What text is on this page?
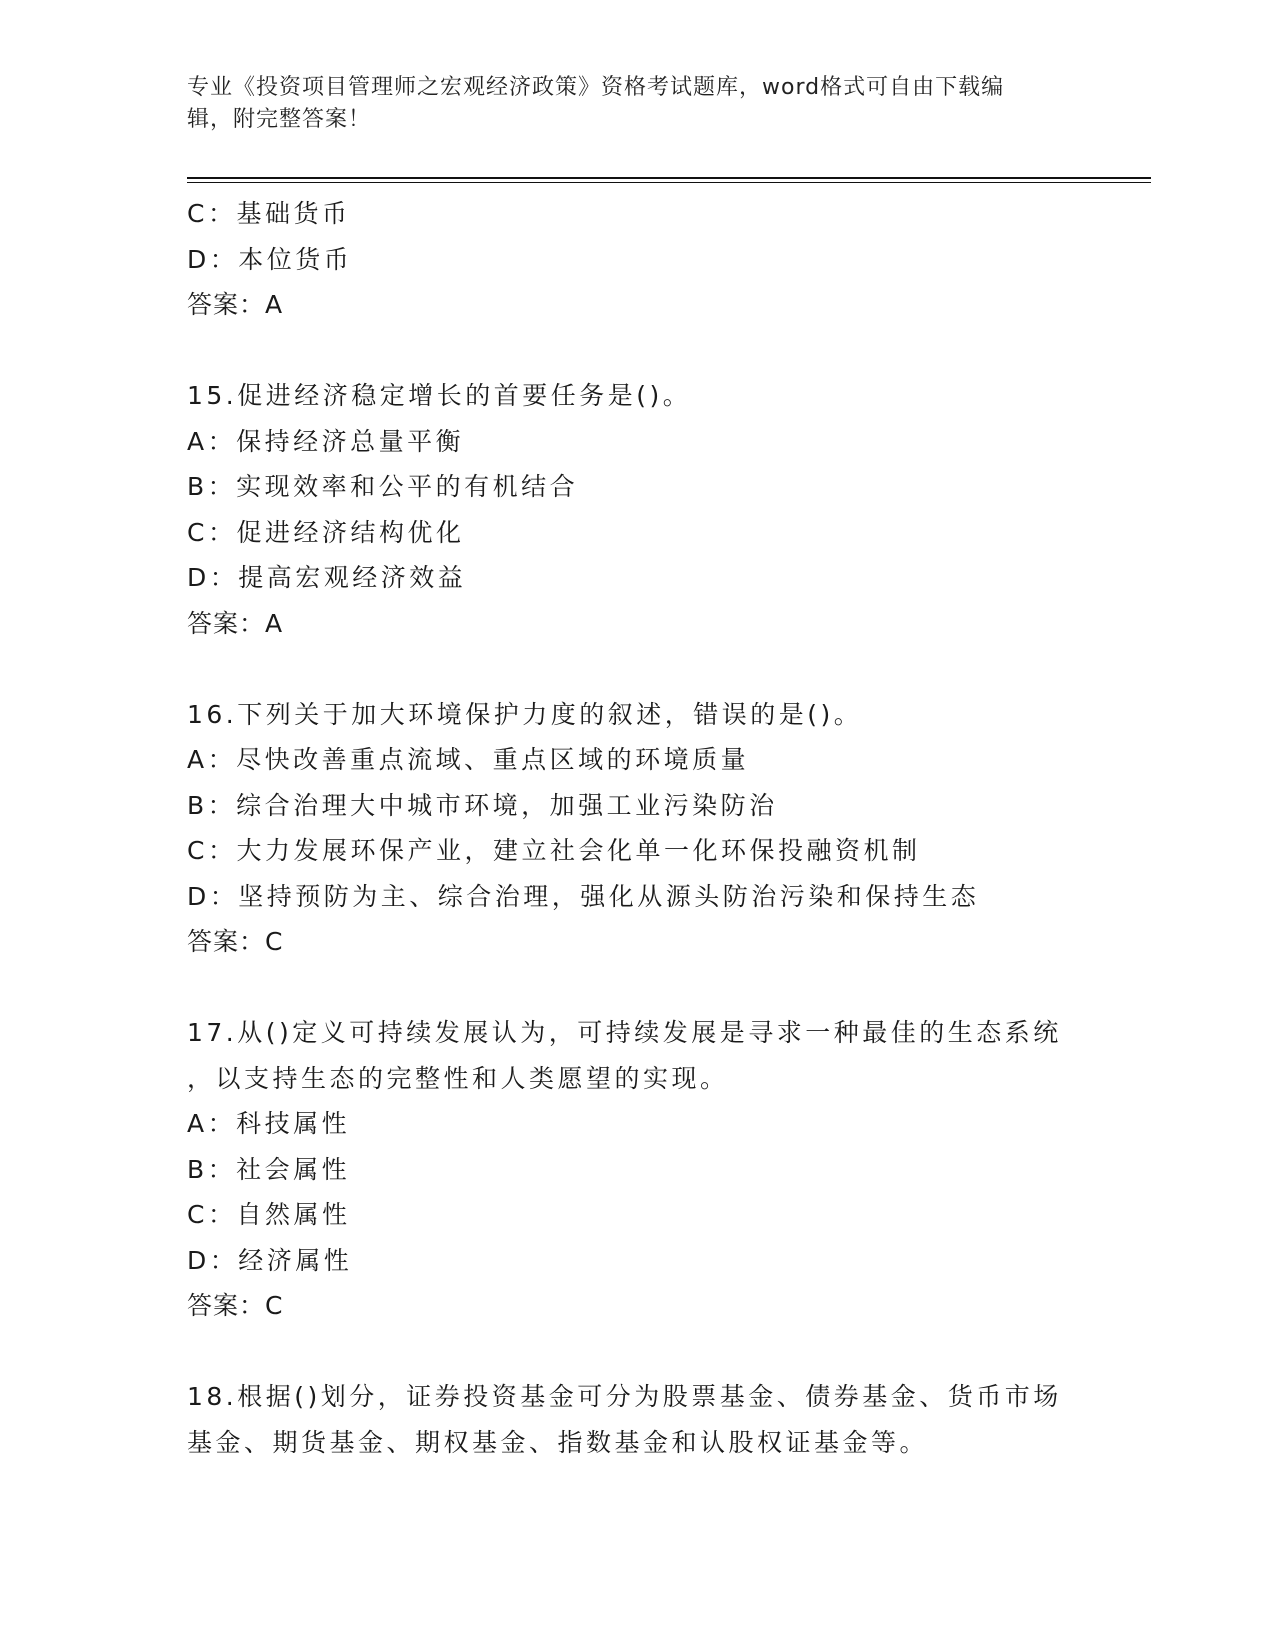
专业《投资项目管理师之宏观经济政策》资格考试题库，word格式可自由下载编
辑，附完整答案！
C：基础货币
D：本位货币
答案：A
15.促进经济稳定增长的首要任务是()。
A：保持经济总量平衡
B：实现效率和公平的有机结合
C：促进经济结构优化
D：提高宏观经济效益
答案：A
16.下列关于加大环境保护力度的叙述，错误的是()。
A：尽快改善重点流域、重点区域的环境质量
B：综合治理大中城市环境，加强工业污染防治
C：大力发展环保产业，建立社会化单一化环保投融资机制
D：坚持预防为主、综合治理，强化从源头防治污染和保持生态
答案：C
17.从()定义可持续发展认为，可持续发展是寻求一种最佳的生态系统
，以支持生态的完整性和人类愿望的实现。
A：科技属性
B：社会属性
C：自然属性
D：经济属性
答案：C
18.根据()划分，证券投资基金可分为股票基金、债券基金、货币市场
基金、期货基金、期权基金、指数基金和认股权证基金等。
